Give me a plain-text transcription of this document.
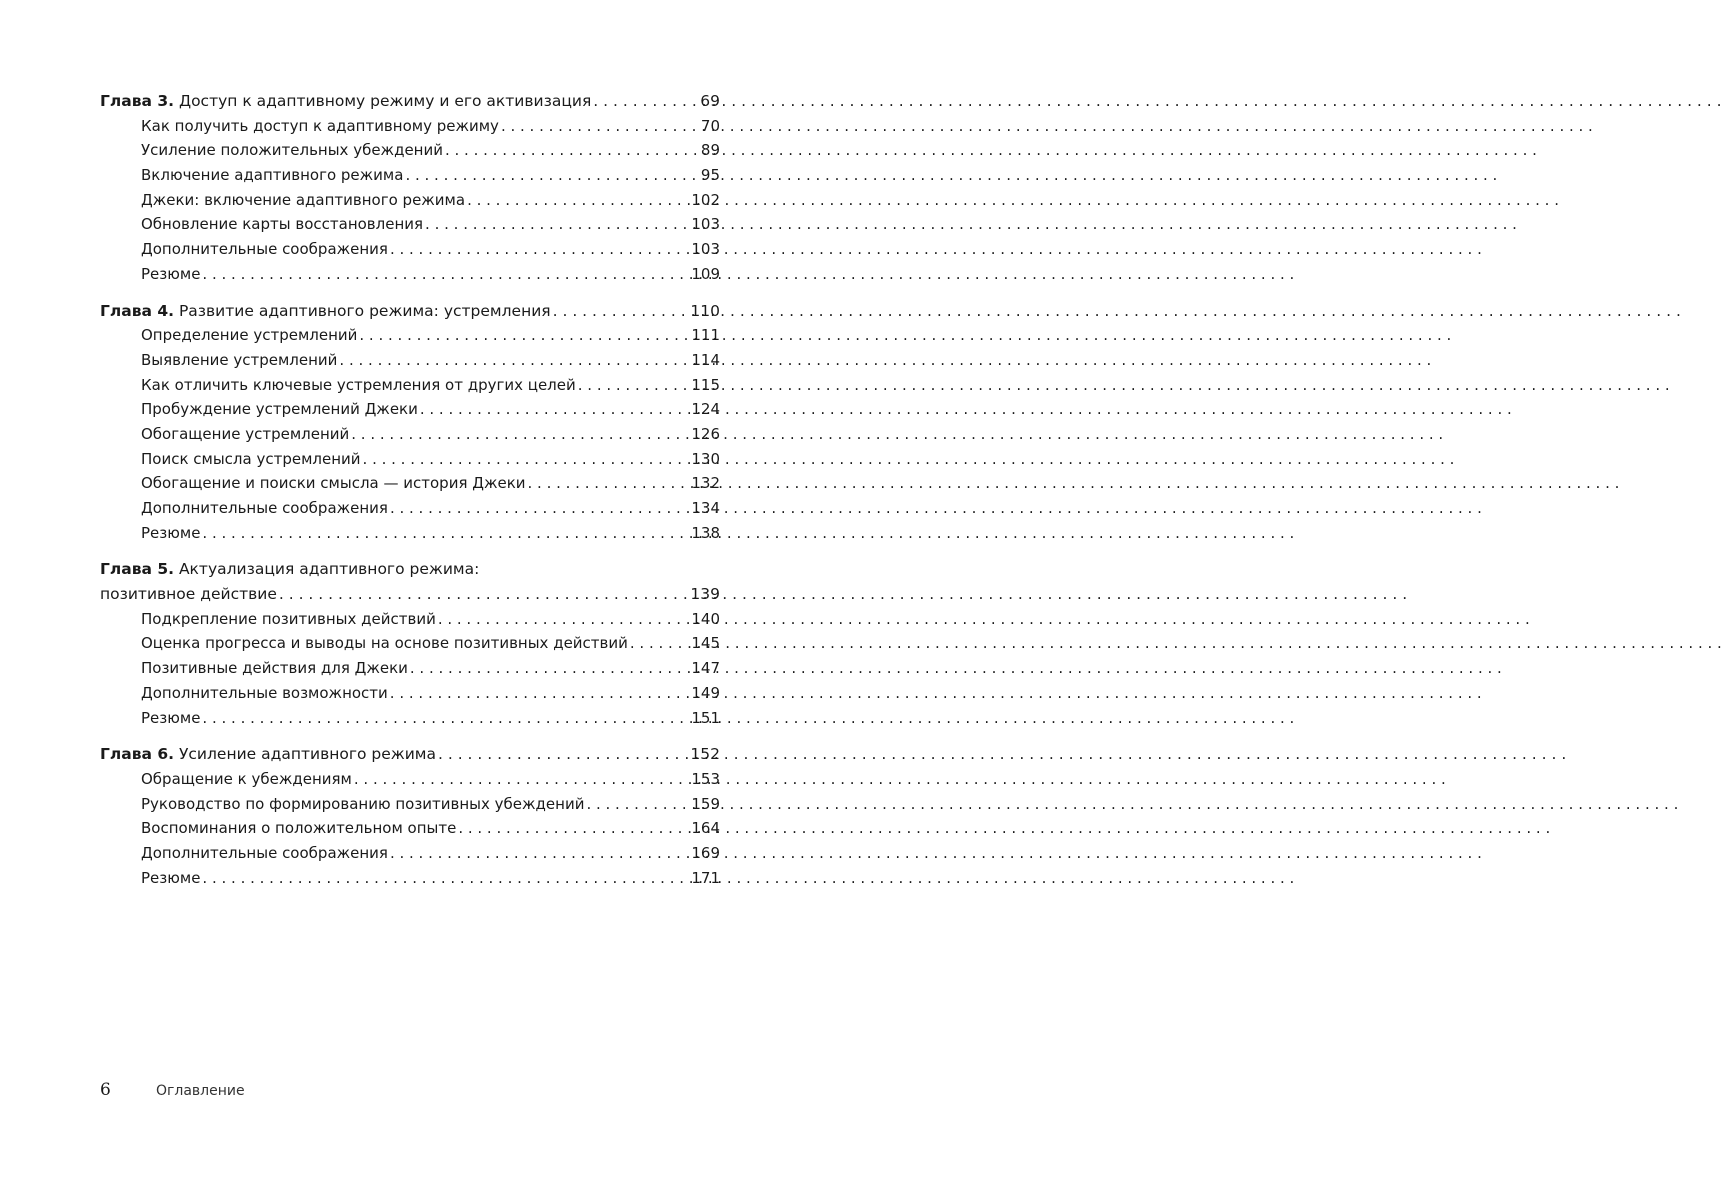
Глава 3. Доступ к адаптивному режиму и его активизация . . .	69
Как получить доступ к адаптивному режиму . . .	70
Усиление положительных убеждений . . .	89
Включение адаптивного режима . . .	95
Джеки: включение адаптивного режима . . .	102
Обновление карты восстановления . . .	103
Дополнительные соображения . . .	103
Резюме . . .	109
Глава 4. Развитие адаптивного режима: устремления . . .	110
Определение устремлений . . .	111
Выявление устремлений . . .	114
Как отличить ключевые устремления от других целей . . .	115
Пробуждение устремлений Джеки . . .	124
Обогащение устремлений . . .	126
Поиск смысла устремлений . . .	130
Обогащение и поиски смысла — история Джеки . . .	132
Дополнительные соображения . . .	134
Резюме . . .	138
Глава 5. Актуализация адаптивного режима:
позитивное действие . . .	139
Подкрепление позитивных действий . . .	140
Оценка прогресса и выводы на основе позитивных действий . . .	145
Позитивные действия для Джеки . . .	147
Дополнительные возможности . . .	149
Резюме . . .	151
Глава 6. Усиление адаптивного режима . . .	152
Обращение к убеждениям . . .	153
Руководство по формированию позитивных убеждений . . .	159
Воспоминания о положительном опыте . . .	164
Дополнительные соображения . . .	169
Резюме . . .	171
6	Оглавление
